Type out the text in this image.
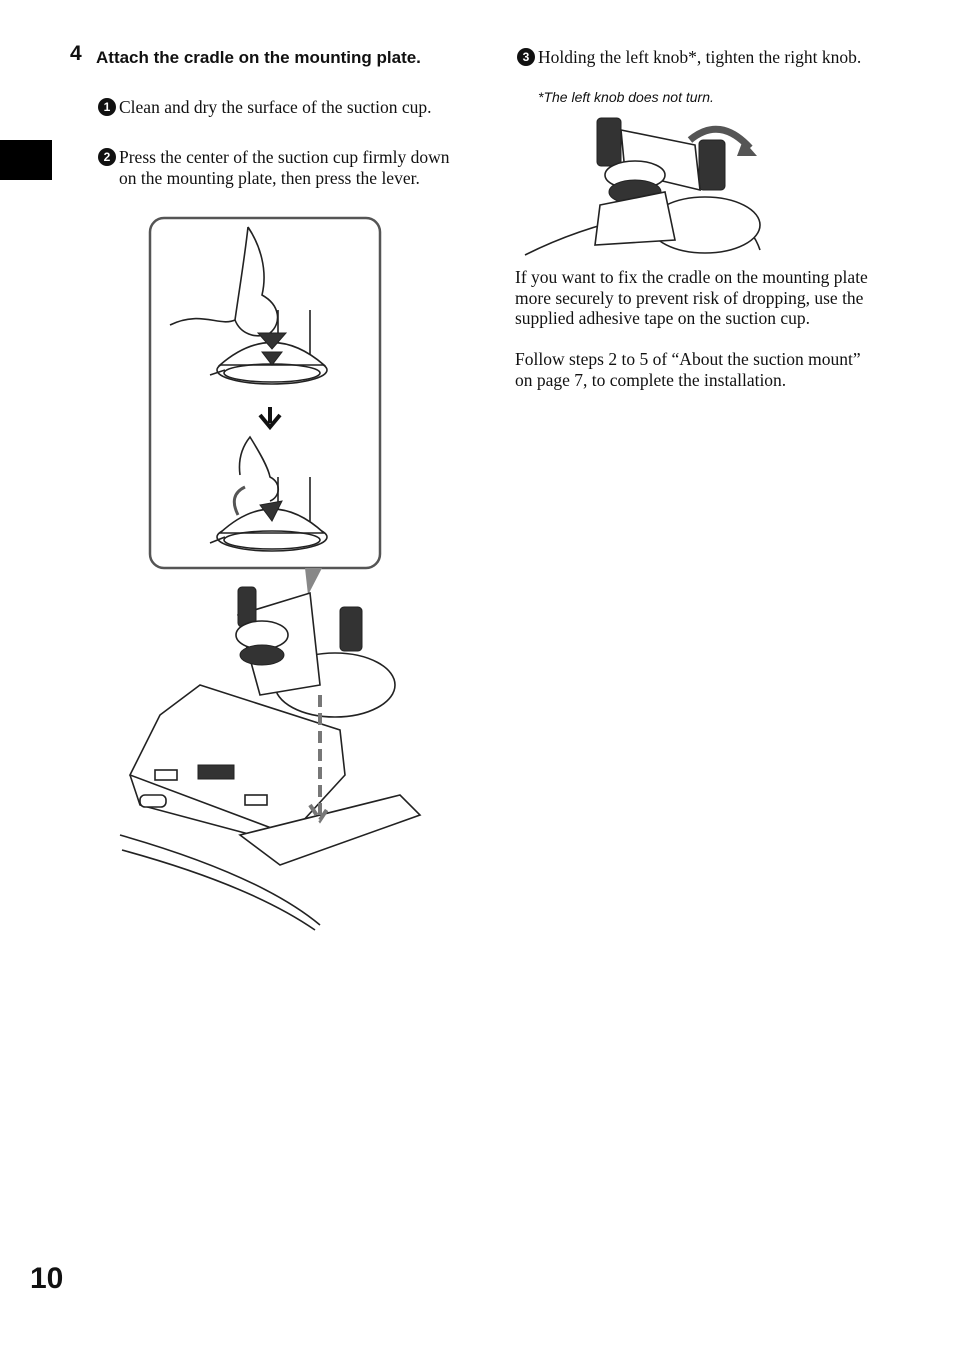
4 Attach the cradle on the mounting plate.
1 Clean and dry the surface of the suction cup.
2 Press the center of the suction cup firmly down on the mounting plate, then press the lever.
3 Holding the left knob*, tighten the right knob.
*The left knob does not turn.
If you want to fix the cradle on the mounting plate more securely to prevent risk of dropping, use the supplied adhesive tape on the suction cup.
Follow steps 2 to 5 of “About the suction mount” on page 7, to complete the installation.
10
